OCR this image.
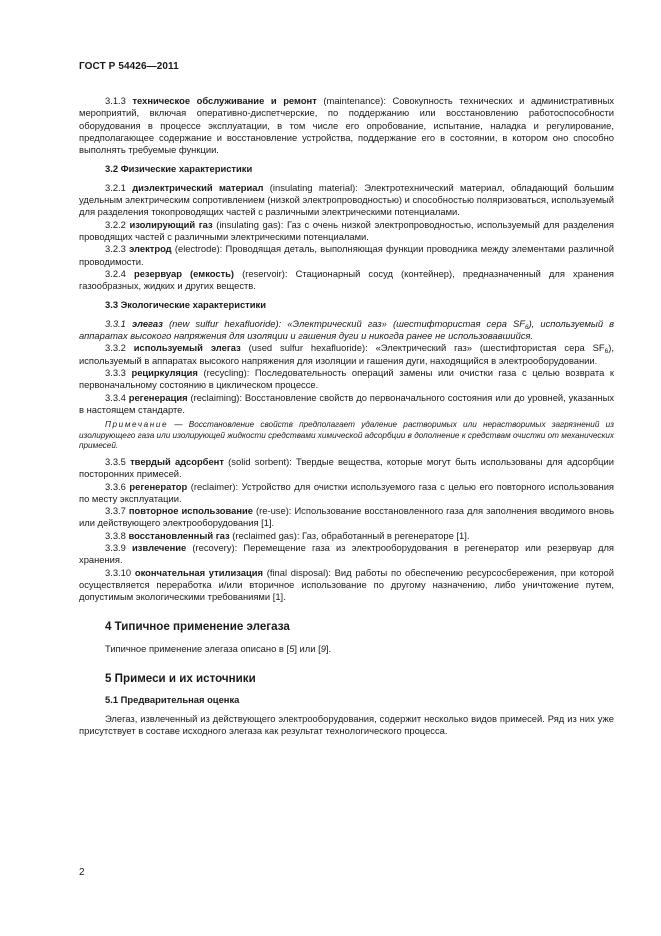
ГОСТ Р 54426—2011

3.1.3 техническое обслуживание и ремонт (maintenance): Совокупность технических и административных мероприятий, включая оперативно-диспетчерские, по поддержанию или восстановлению работоспособности оборудования в процессе эксплуатации, в том числе его опробование, испытание, наладка и регулирование, предполагающее содержание и восстановление устройства, поддержание его в состоянии, в котором оно способно выполнять требуемые функции.

3.2 Физические характеристики

3.2.1 диэлектрический материал (insulating material): Электротехнический материал, обладающий большим удельным электрическим сопротивлением (низкой электропроводностью) и способностью поляризоваться, используемый для разделения токопроводящих частей с различными электрическими потенциалами.

3.2.2 изолирующий газ (insulating gas): Газ с очень низкой электропроводностью, используемый для разделения проводящих частей с различными электрическими потенциалами.

3.2.3 электрод (electrode): Проводящая деталь, выполняющая функции проводника между элементами различной проводимости.

3.2.4 резервуар (емкость) (reservoir): Стационарный сосуд (контейнер), предназначенный для хранения газообразных, жидких и других веществ.

3.3 Экологические характеристики

3.3.1 элегаз (new sulfur hexafluoride): «Электрический газ» (шестифтористая сера $SF_6$), используемый в аппаратах высокого напряжения для изоляции и гашения дуги и никогда ранее не использовавшийся.

3.3.2 используемый элегаз (used sulfur hexafluoride): «Электрический газ» (шестифтористая сера $SF_6$), используемый в аппаратах высокого напряжения для изоляции и гашения дуги, находящийся в электрооборудовании.

3.3.3 рециркуляция (recycling): Последовательность операций замены или очистки газа с целью возврата к первоначальному состоянию в циклическом процессе.

3.3.4 регенерация (reclaiming): Восстановление свойств до первоначального состояния или до уровней, указанных в настоящем стандарте.

Примечание — Восстановление свойств предполагает удаление растворимых или нерастворимых загрязнений из изолирующего газа или изолирующей жидкости средствами химической адсорбции в дополнение к средствам очистки от механических примесей.

3.3.5 твердый адсорбент (solid sorbent): Твердые вещества, которые могут быть использованы для адсорбции посторонних примесей.

3.3.6 регенератор (reclaimer): Устройство для очистки используемого газа с целью его повторного использования по месту эксплуатации.

3.3.7 повторное использование (re-use): Использование восстановленного газа для заполнения вводимого вновь или действующего электрооборудования [1].

3.3.8 восстановленный газ (reclaimed gas): Газ, обработанный в регенераторе [1].

3.3.9 извлечение (recovery): Перемещение газа из электрооборудования в регенератор или резервуар для хранения.

3.3.10 окончательная утилизация (final disposal): Вид работы по обеспечению ресурсосбережения, при которой осуществляется переработка и/или вторичное использование по другому назначению, либо уничтожение путем, допустимым экологическими требованиями [1].

4 Типичное применение элегаза

Типичное применение элегаза описано в [5] или [9].

5 Примеси и их источники

5.1 Предварительная оценка

Элегаз, извлеченный из действующего электрооборудования, содержит несколько видов примесей. Ряд из них уже присутствует в составе исходного элегаза как результат технологического процесса.

2
